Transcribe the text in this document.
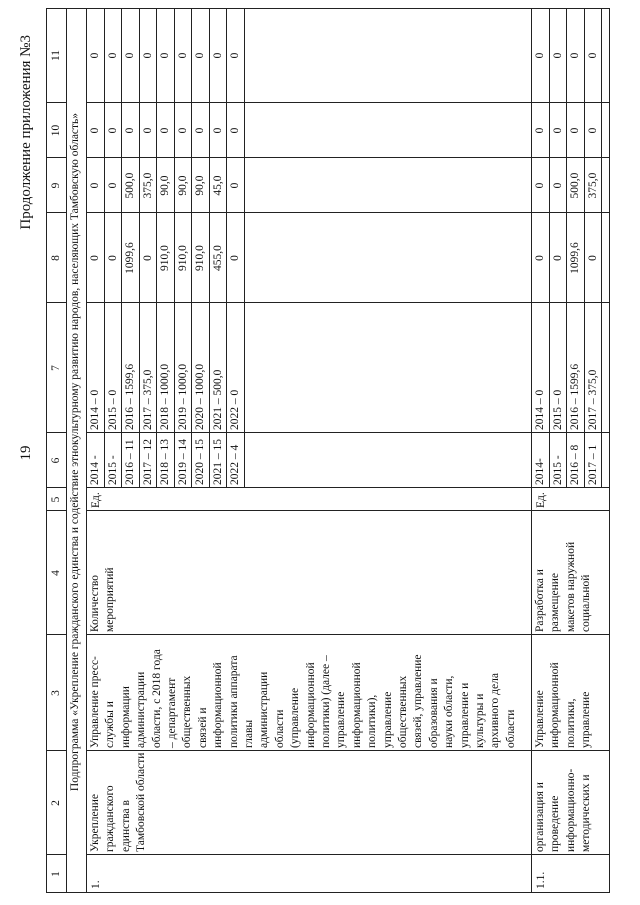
19
Продолжение приложения №3	Подпрограмма «Укрепление гражданского единства и содействие этнокультурному развитию народов, населяющих Тамбовскую область»
1
2
3
4
5
6
7
8
9
10
11
1.
Укрепление гражданского единства в Тамбовской области
Управление пресс- службы и информации администрации области, с 2018 года – департамент общественных связей и информационной политики аппарата главы администрации области (управление информационной политики) (далее – управление информационной политики), управление общественных связей, управление образования и науки области, управление и культуры и архивного дела области
Количество мероприятий
Ед.
2014 -
2014 – 0
0
0
0
0
2015 -
2015 – 0
0
0
0
0
2016 – 11
2016 – 1599,6
1099,6
500,0
0
0
2017 – 12
2017 – 375,0
0
375,0
0
0
2018 – 13
2018 – 1000,0
910,0
90,0
0
0
2019 – 14
2019 – 1000,0
910,0
90,0
0
0
2020 – 15
2020 – 1000,0
910,0
90,0
0
0
2021 – 15
2021 – 500,0
455,0
45,0
0
0
2022 – 4
2022 – 0
0
0
0
0
1.1.
организация и проведение информационно- методических и
Управление информационной политики, управление
Разработка и размещение макетов наружной социальной
Ед.
2014-
2014 – 0
0
0
0
0
2015 -
2015 – 0
0
0
0
0
2016 – 8
2016 – 1599,6
1099,6
500,0
0
0
2017 – 1
2017 – 375,0
0
375,0
0
0
